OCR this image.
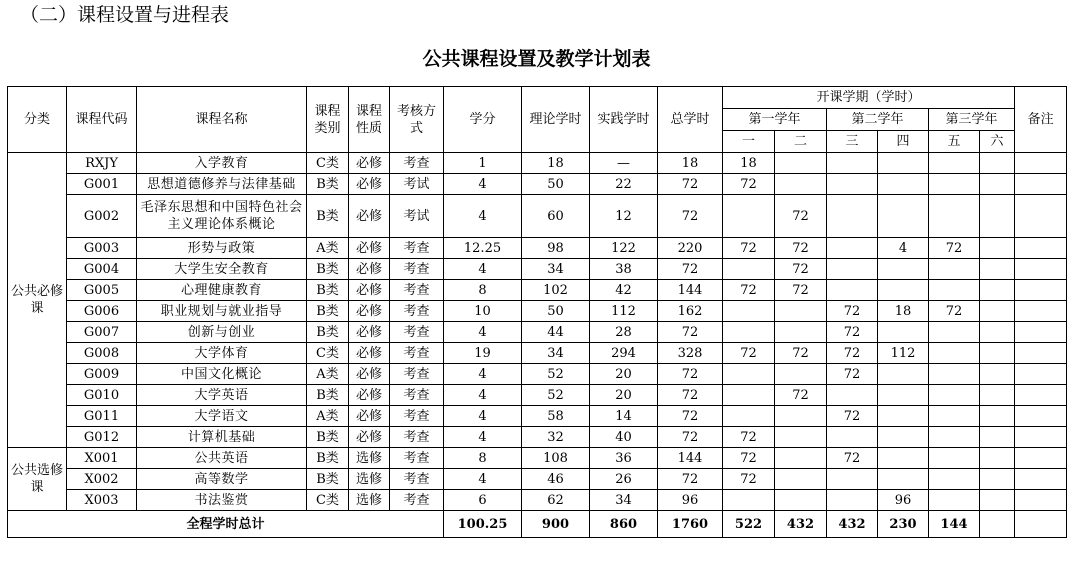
（二）课程设置与进程表
公共课程设置及教学计划表
分类	课程代码	课程名称	课程类别	课程性质	考核方式	学分	理论学时	实践学时	总学时	开课学期（学时）						备注
										第一学年		第二学年		第三学年		
										一	二	三	四	五	六	
公共必修课	RXJY	入学教育	C类	必修	考查	1	18	—	18	18						
	G001	思想道德修养与法律基础	B类	必修	考试	4	50	22	72	72						
	G002	毛泽东思想和中国特色社会主义理论体系概论	B类	必修	考试	4	60	12	72		72					
	G003	形势与政策	A类	必修	考查	12.25	98	122	220	72	72		4	72		
	G004	大学生安全教育	B类	必修	考查	4	34	38	72		72					
	G005	心理健康教育	B类	必修	考查	8	102	42	144	72	72					
	G006	职业规划与就业指导	B类	必修	考查	10	50	112	162			72	18	72		
	G007	创新与创业	B类	必修	考查	4	44	28	72			72				
	G008	大学体育	C类	必修	考查	19	34	294	328	72	72	72	112			
	G009	中国文化概论	A类	必修	考查	4	52	20	72			72				
	G010	大学英语	B类	必修	考查	4	52	20	72		72					
	G011	大学语文	A类	必修	考查	4	58	14	72			72				
	G012	计算机基础	B类	必修	考查	4	32	40	72	72						
公共选修课	X001	公共英语	B类	选修	考查	8	108	36	144	72		72				
	X002	高等数学	B类	选修	考查	4	46	26	72	72						
	X003	书法鉴赏	C类	选修	考查	6	62	34	96				96			
全程学时总计						100.25	900	860	1760	522	432	432	230	144		
